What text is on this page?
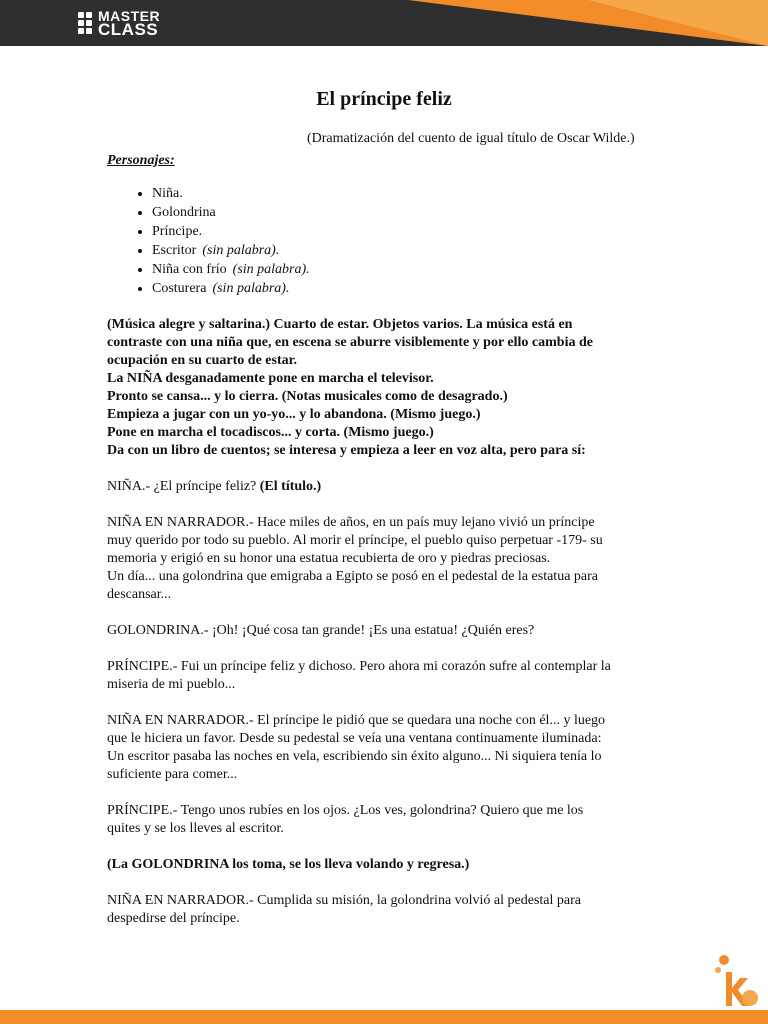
MASTER
CLASS
El príncipe feliz
(Dramatización del cuento de igual título de Oscar Wilde.)
Personajes:
• Niña.
• Golondrina
• Príncipe.
• Escritor (sin palabra).
• Niña con frío (sin palabra).
• Costurera (sin palabra).
(Música alegre y saltarina.) Cuarto de estar. Objetos varios. La música está en
contraste con una niña que, en escena se aburre visiblemente y por ello cambia de
ocupación en su cuarto de estar.
La NIÑA desganadamente pone en marcha el televisor.
Pronto se cansa... y lo cierra. (Notas musicales como de desagrado.)
Empieza a jugar con un yo-yo... y lo abandona. (Mismo juego.)
Pone en marcha el tocadiscos... y corta. (Mismo juego.)
Da con un libro de cuentos; se interesa y empieza a leer en voz alta, pero para sí:

NIÑA.- ¿El príncipe feliz? (El título.)

NIÑA EN NARRADOR.- Hace miles de años, en un país muy lejano vivió un príncipe
muy querido por todo su pueblo. Al morir el príncipe, el pueblo quiso perpetuar -179- su
memoria y erigió en su honor una estatua recubierta de oro y piedras preciosas.
Un día... una golondrina que emigraba a Egipto se posó en el pedestal de la estatua para
descansar...

GOLONDRINA.- ¡Oh! ¡Qué cosa tan grande! ¡Es una estatua! ¿Quién eres?

PRÍNCIPE.- Fui un príncipe feliz y dichoso. Pero ahora mi corazón sufre al contemplar la
miseria de mi pueblo...
NIÑA EN NARRADOR.- El príncipe le pidió que se quedara una noche con él... y luego
que le hiciera un favor. Desde su pedestal se veía una ventana continuamente iluminada:
Un escritor pasaba las noches en vela, escribiendo sin éxito alguno... Ni siquiera tenía lo
suficiente para comer...
PRÍNCIPE.- Tengo unos rubíes en los ojos. ¿Los ves, golondrina? Quiero que me los
quites y se los lleves al escritor.

(La GOLONDRINA los toma, se los lleva volando y regresa.)

NIÑA EN NARRADOR.- Cumplida su misión, la golondrina volvió al pedestal para
despedirse del príncipe.
